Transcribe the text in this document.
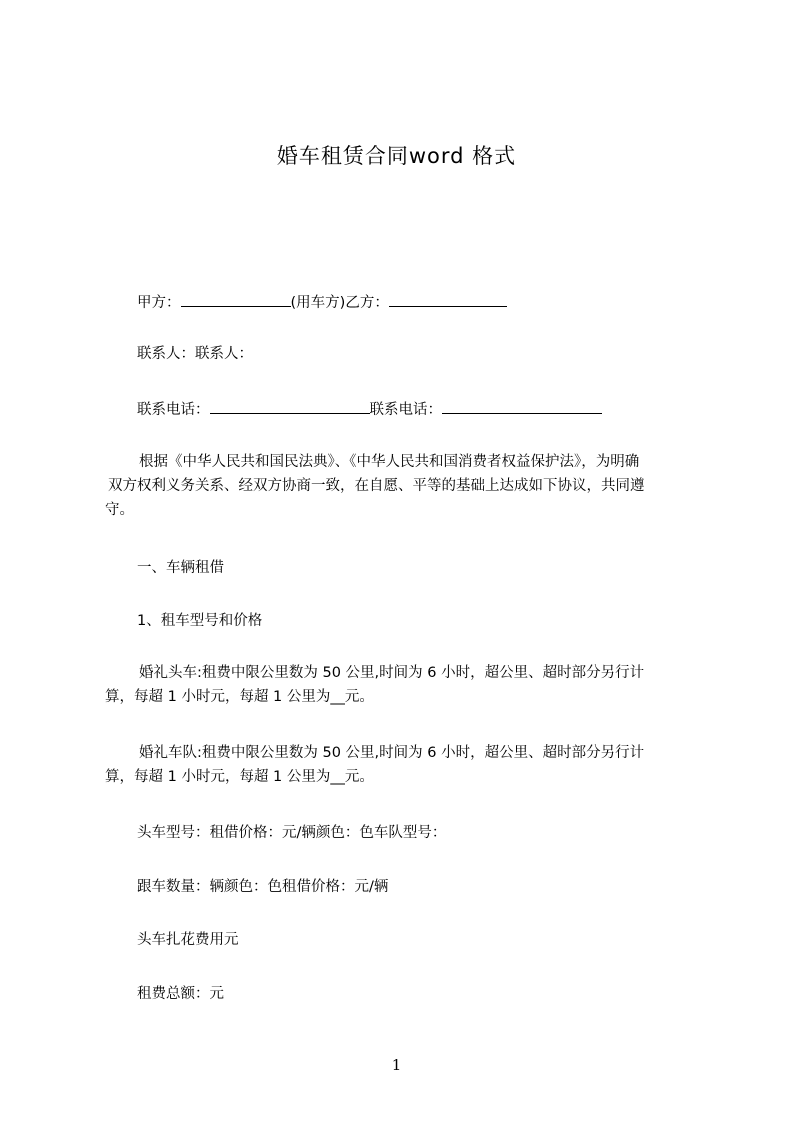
婚车租赁合同word 格式
甲方：	(用车方)乙方：
联系人：联系人：
联系电话：	联系电话：
根据《中华人民共和国民法典》、《中华人民共和国消费者权益保护法》，为明确
双方权利义务关系、经双方协商一致，在自愿、平等的基础上达成如下协议，共同遵
守。
一、车辆租借
1、租车型号和价格
婚礼头车:租费中限公里数为 50 公里,时间为 6 小时，超公里、超时部分另行计
算，每超 1 小时元，每超 1 公里为__元。
婚礼车队:租费中限公里数为 50 公里,时间为 6 小时，超公里、超时部分另行计
算，每超 1 小时元，每超 1 公里为__元。
头车型号：租借价格：元/辆颜色：色车队型号：
跟车数量：辆颜色：色租借价格：元/辆
头车扎花费用元
租费总额：元
1
